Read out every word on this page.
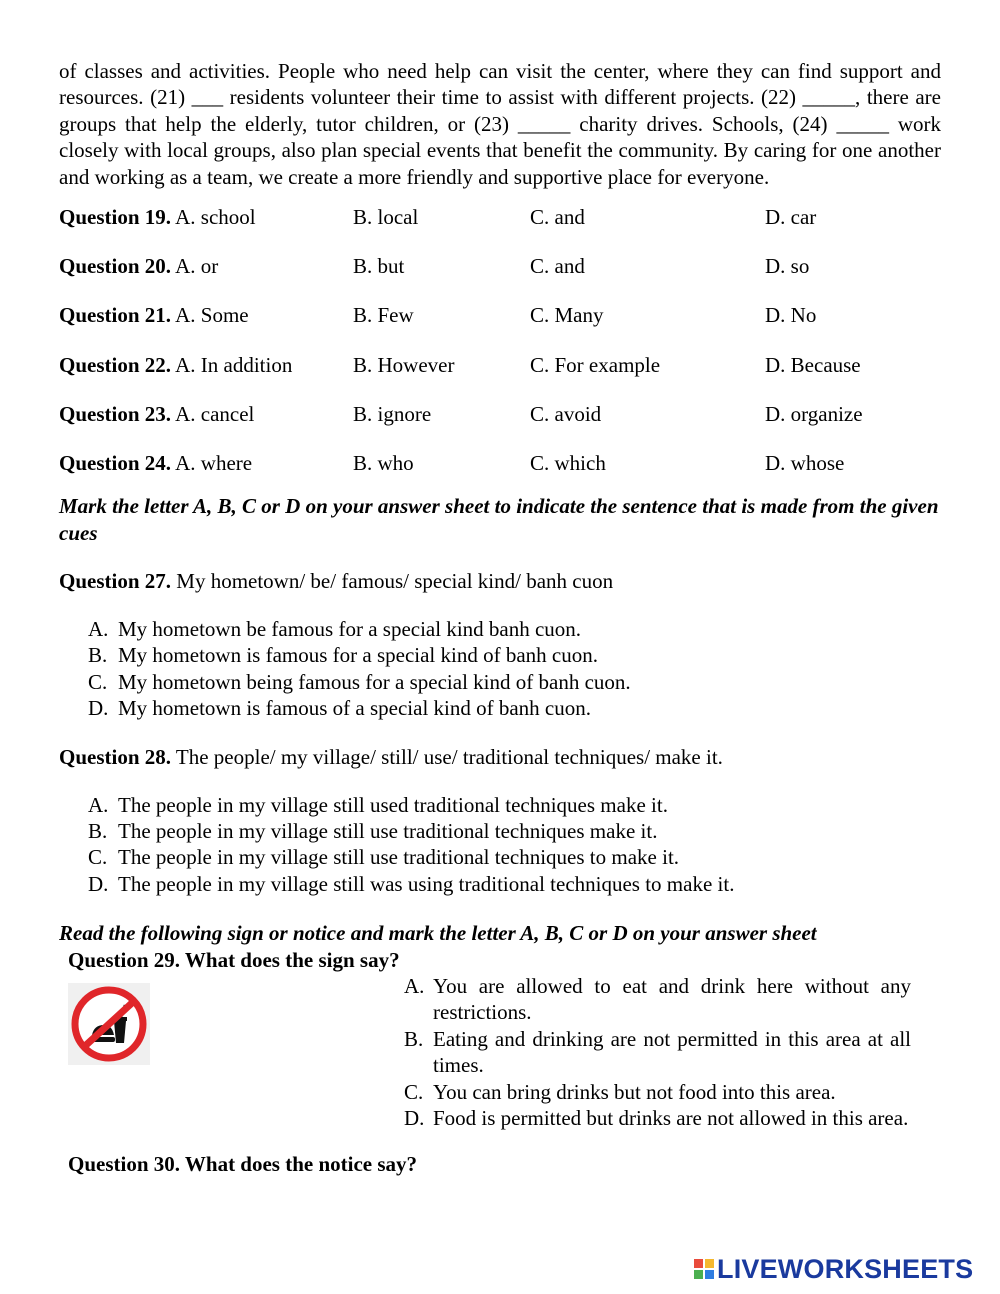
of classes and activities. People who need help can visit the center, where they can find support and resources. (21) ___ residents volunteer their time to assist with different projects. (22) _____, there are groups that help the elderly, tutor children, or (23) _____ charity drives. Schools, (24) _____ work closely with local groups, also plan special events that benefit the community. By caring for one another and working as a team, we create a more friendly and supportive place for everyone.

Question 19. A. school	B. local	C. and	D. car
Question 20. A. or	B. but	C. and	D. so
Question 21. A. Some	B. Few	C. Many	D. No
Question 22. A. In addition	B. However	C. For example	D. Because
Question 23. A. cancel	B. ignore	C. avoid	D. organize
Question 24. A. where	B. who	C. which	D. whose

Mark the letter A, B, C or D on your answer sheet to indicate the sentence that is made from the given cues

Question 27. My hometown/ be/ famous/ special kind/ banh cuon

A. My hometown be famous for a special kind banh cuon.
B. My hometown is famous for a special kind of banh cuon.
C. My hometown being famous for a special kind of banh cuon.
D. My hometown is famous of a special kind of banh cuon.

Question 28. The people/ my village/ still/ use/ traditional techniques/ make it.

A. The people in my village still used traditional techniques make it.
B. The people in my village still use traditional techniques make it.
C. The people in my village still use traditional techniques to make it.
D. The people in my village still was using traditional techniques to make it.

Read the following sign or notice and mark the letter A, B, C or D on your answer sheet

Question 29. What does the sign say?

A. You are allowed to eat and drink here without any restrictions.
B. Eating and drinking are not permitted in this area at all times.
C. You can bring drinks but not food into this area.
D. Food is permitted but drinks are not allowed in this area.

Question 30. What does the notice say?

LIVEWORKSHEETS
